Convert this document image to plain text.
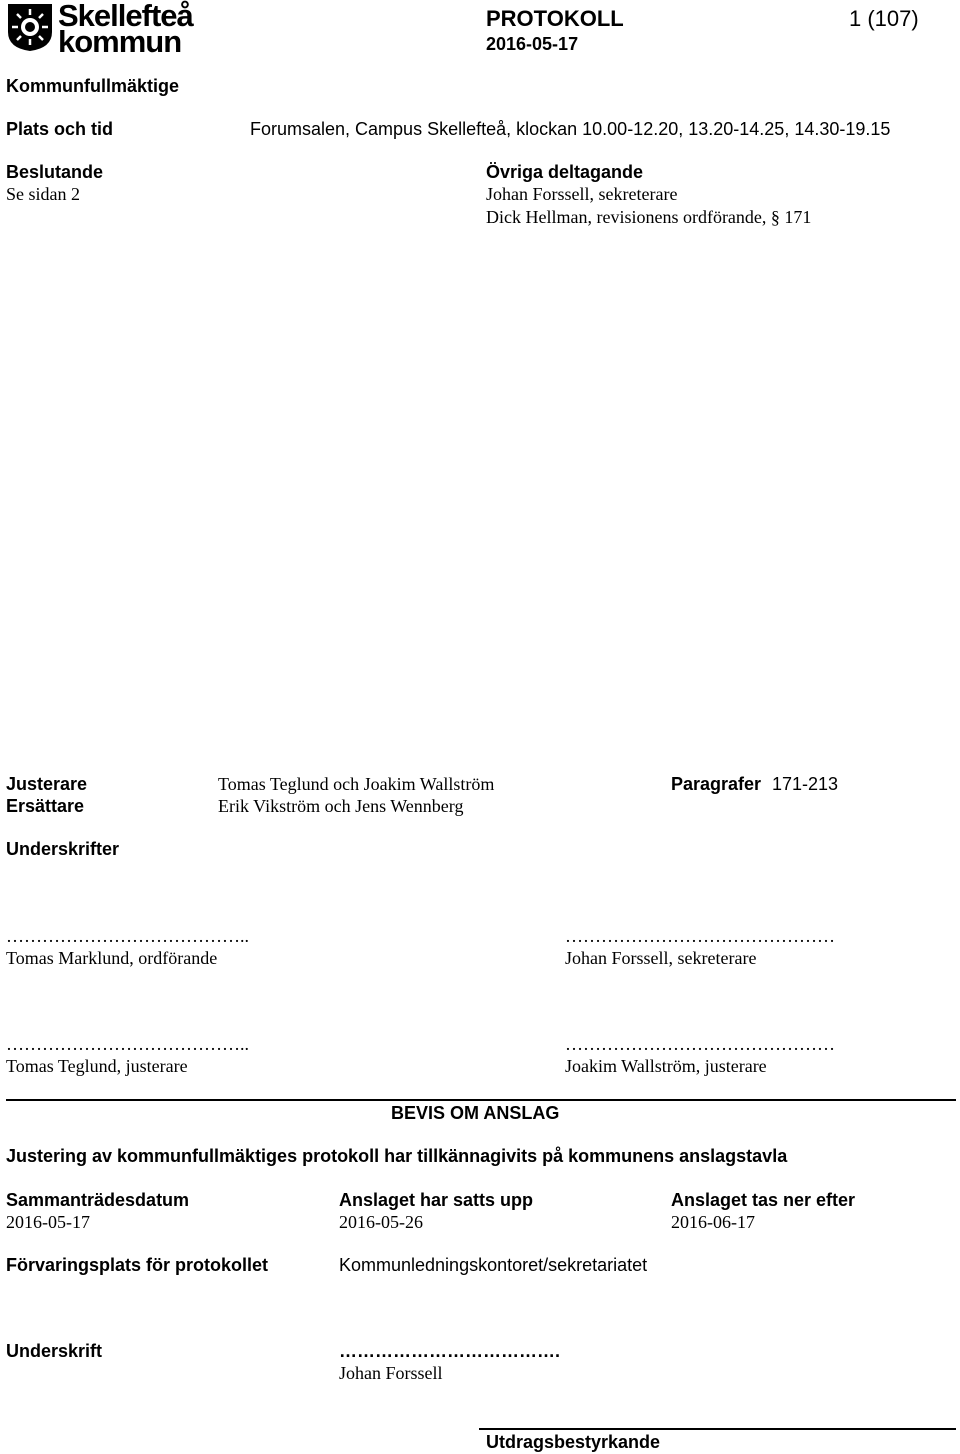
Skellefteå
kommun
PROTOKOLL	1 (107)
2016-05-17
Kommunfullmäktige
Plats och tid	Forumsalen, Campus Skellefteå, klockan 10.00-12.20, 13.20-14.25, 14.30-19.15
Beslutande
Se sidan 2
Övriga deltagande
Johan Forssell, sekreterare
Dick Hellman, revisionens ordförande, § 171
Justerare	Tomas Teglund och Joakim Wallström	Paragrafer 171-213
Ersättare	Erik Vikström och Jens Wennberg
Underskrifter
…………………………………..	………………………………………
Tomas Marklund, ordförande	Johan Forssell, sekreterare
…………………………………..	………………………………………
Tomas Teglund, justerare	Joakim Wallström, justerare
BEVIS OM ANSLAG
Justering av kommunfullmäktiges protokoll har tillkännagivits på kommunens anslagstavla
Sammanträdesdatum	Anslaget har satts upp	Anslaget tas ner efter
2016-05-17	2016-05-26	2016-06-17
Förvaringsplats för protokollet	Kommunledningskontoret/sekretariatet
Underskrift	……………………………….
Johan Forssell
Utdragsbestyrkande
